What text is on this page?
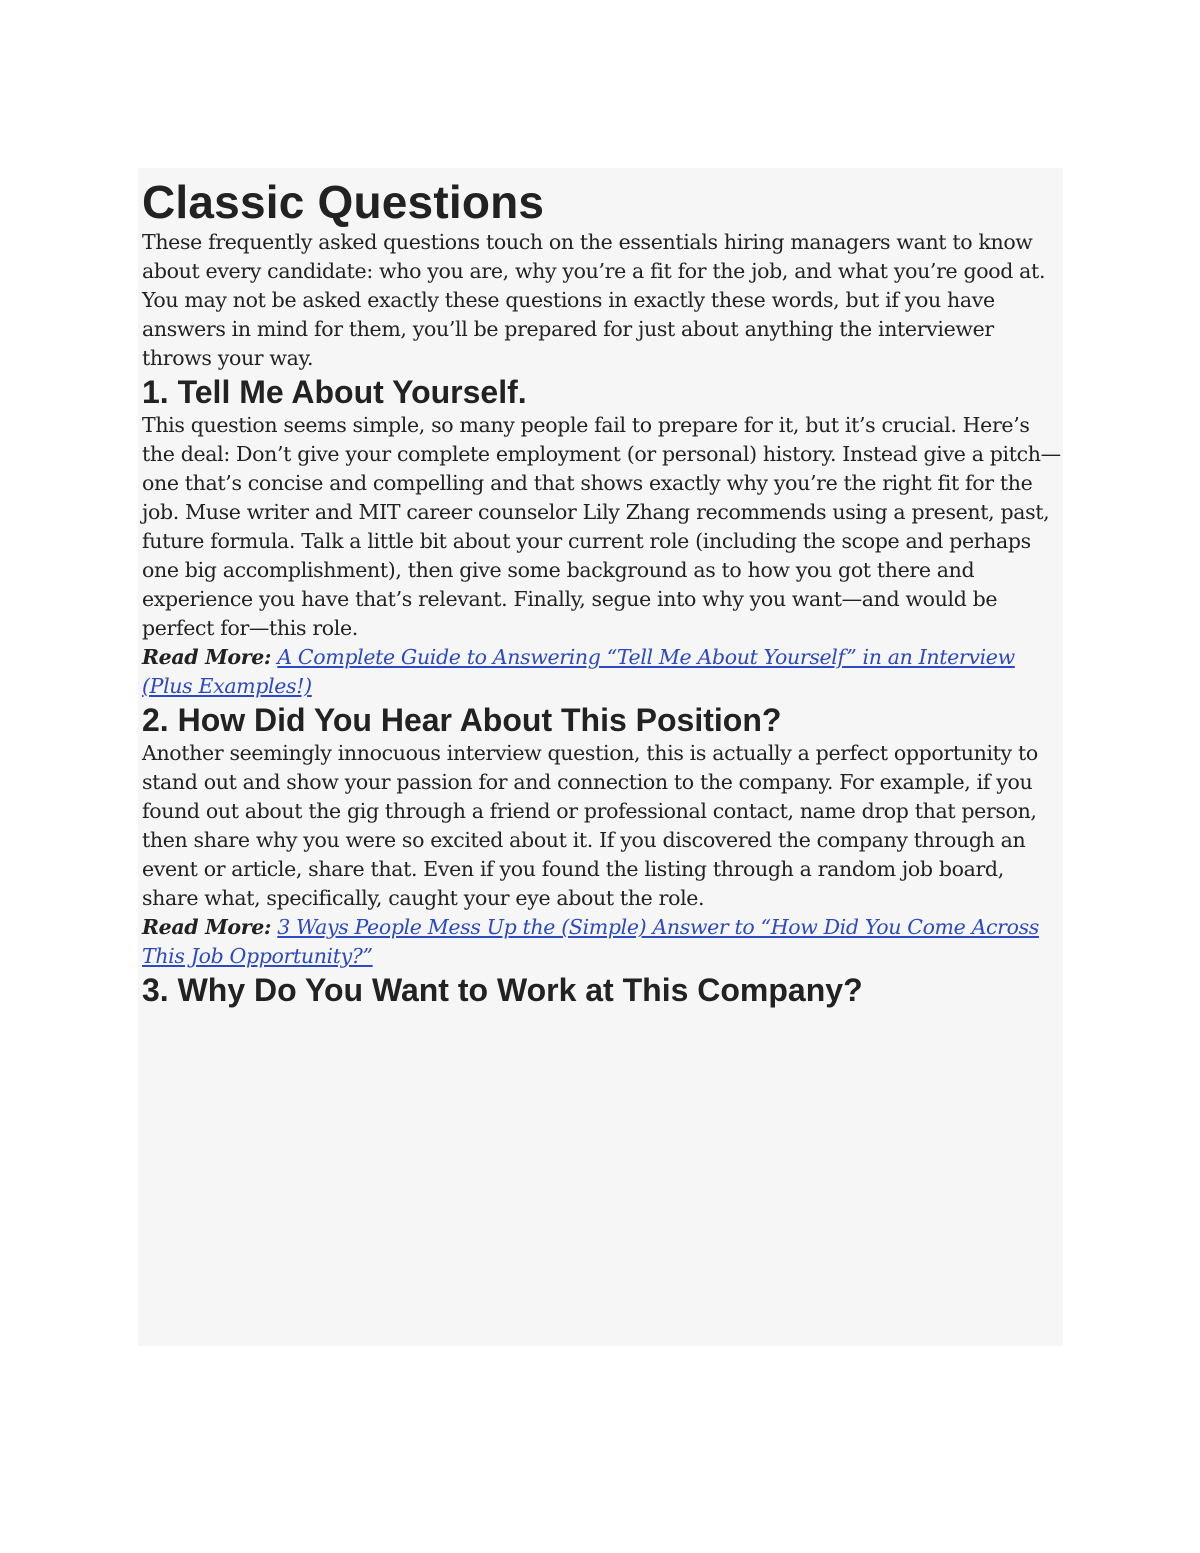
Classic Questions

These frequently asked questions touch on the essentials hiring managers want to know about every candidate: who you are, why you’re a fit for the job, and what you’re good at. You may not be asked exactly these questions in exactly these words, but if you have answers in mind for them, you’ll be prepared for just about anything the interviewer throws your way.

1. Tell Me About Yourself.

This question seems simple, so many people fail to prepare for it, but it’s crucial. Here’s the deal: Don’t give your complete employment (or personal) history. Instead give a pitch—one that’s concise and compelling and that shows exactly why you’re the right fit for the job. Muse writer and MIT career counselor Lily Zhang recommends using a present, past, future formula. Talk a little bit about your current role (including the scope and perhaps one big accomplishment), then give some background as to how you got there and experience you have that’s relevant. Finally, segue into why you want—and would be perfect for—this role.

Read More: A Complete Guide to Answering “Tell Me About Yourself” in an Interview (Plus Examples!)

2. How Did You Hear About This Position?

Another seemingly innocuous interview question, this is actually a perfect opportunity to stand out and show your passion for and connection to the company. For example, if you found out about the gig through a friend or professional contact, name drop that person, then share why you were so excited about it. If you discovered the company through an event or article, share that. Even if you found the listing through a random job board, share what, specifically, caught your eye about the role.

Read More: 3 Ways People Mess Up the (Simple) Answer to “How Did You Come Across This Job Opportunity?”

3. Why Do You Want to Work at This Company?
